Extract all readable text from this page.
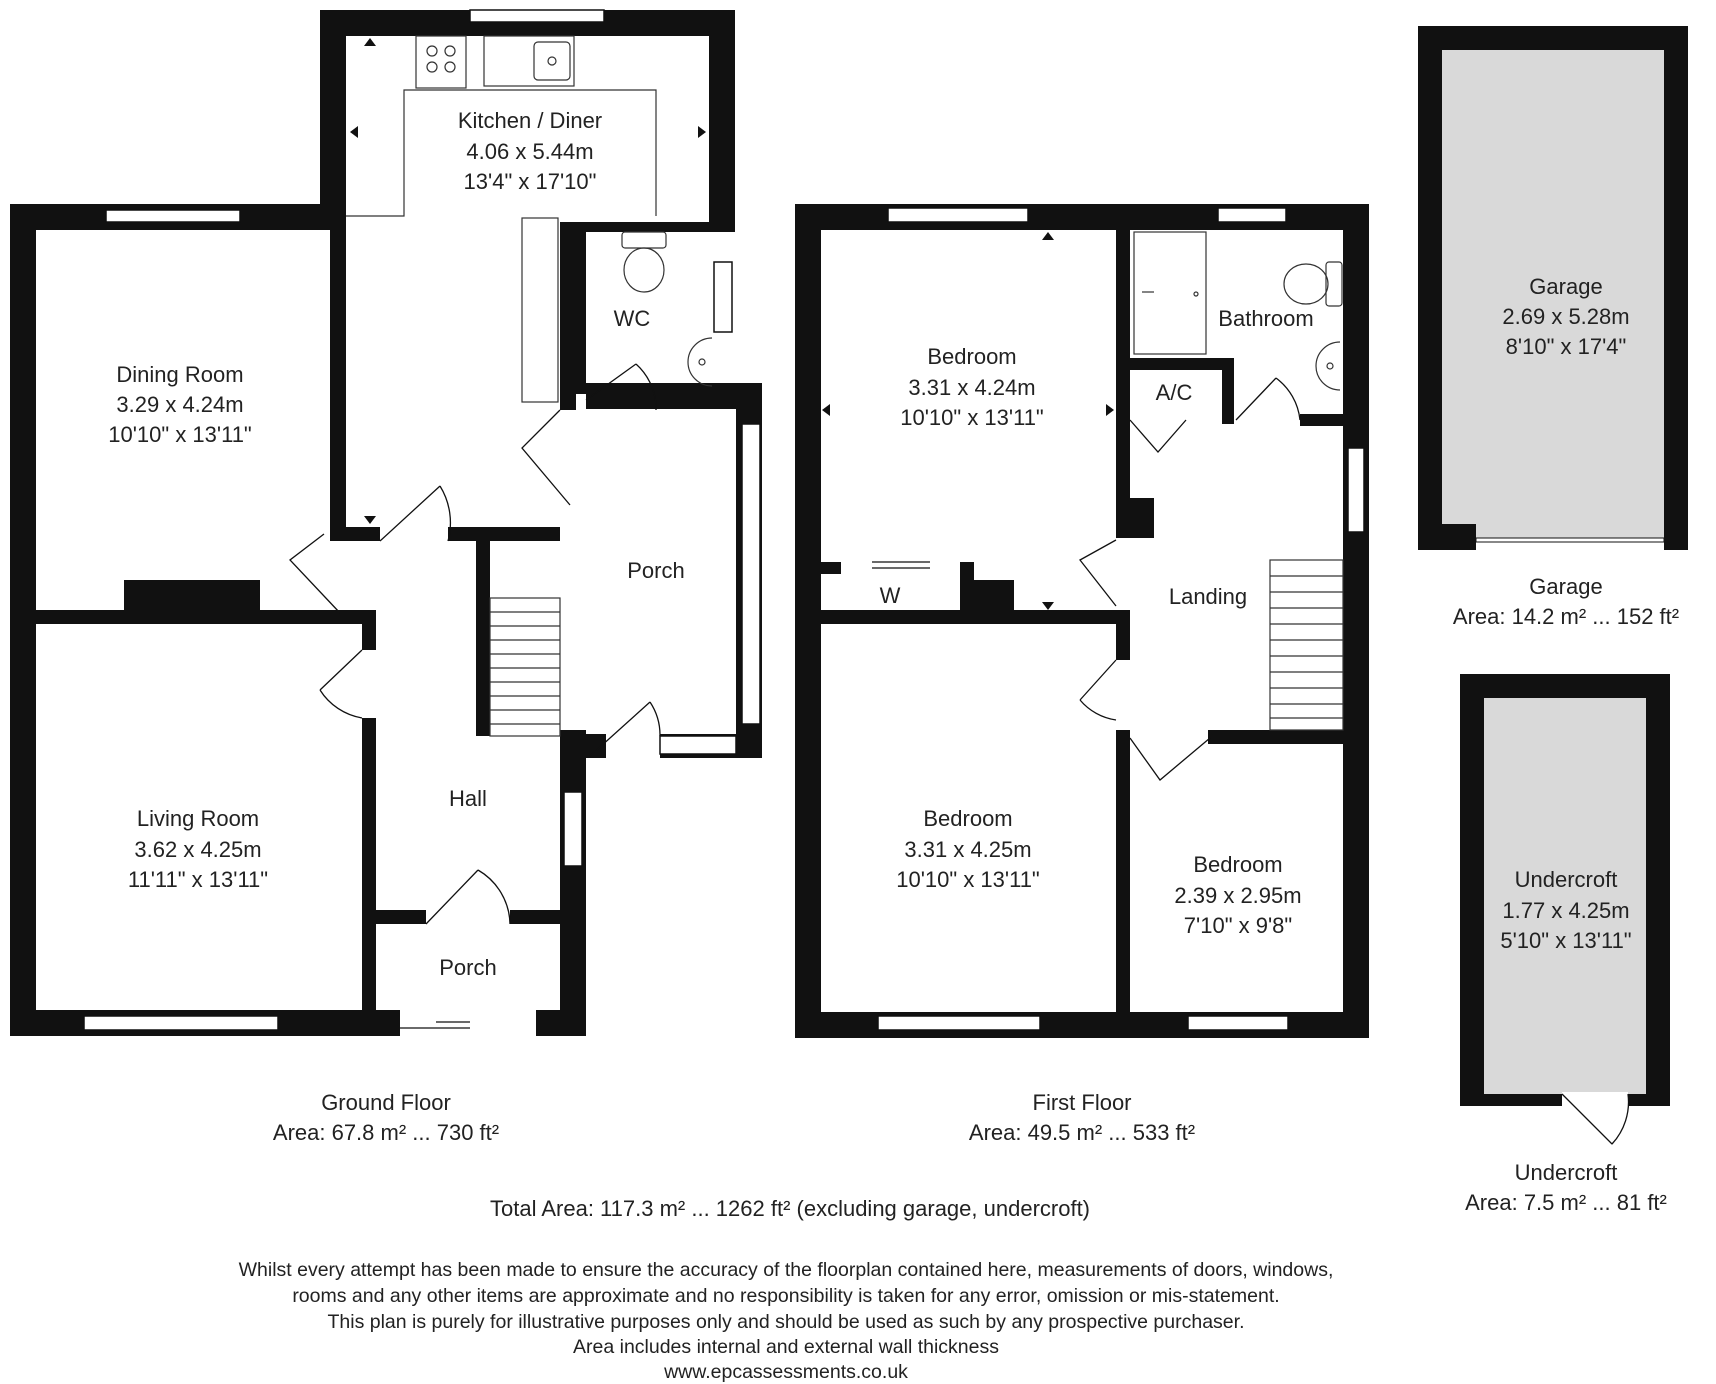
Kitchen / Diner
4.06 x 5.44m
13'4" x 17'10"
WC
Dining Room
3.29 x 4.24m
10'10" x 13'11"
Porch
Hall
Living Room
3.62 x 4.25m
11'11" x 13'11"
Porch
Bedroom
3.31 x 4.24m
10'10" x 13'11"
Bathroom
A/C
W	Landing
Bedroom
3.31 x 4.25m
10'10" x 13'11"
Bedroom
2.39 x 2.95m
7'10" x 9'8"
Garage
2.69 x 5.28m
8'10" x 17'4"
Undercroft
1.77 x 4.25m
5'10" x 13'11"
Ground Floor
Area: 67.8 m² ... 730 ft²
First Floor
Area: 49.5 m² ... 533 ft²
Garage
Area: 14.2 m² ... 152 ft²
Undercroft
Area: 7.5 m² ... 81 ft²
Total Area: 117.3 m² ... 1262 ft² (excluding garage, undercroft)
Whilst every attempt has been made to ensure the accuracy of the floorplan contained here, measurements of doors, windows,
rooms and any other items are approximate and no responsibility is taken for any error, omission or mis-statement.
This plan is purely for illustrative purposes only and should be used as such by any prospective purchaser.
Area includes internal and external wall thickness
www.epcassessments.co.uk
